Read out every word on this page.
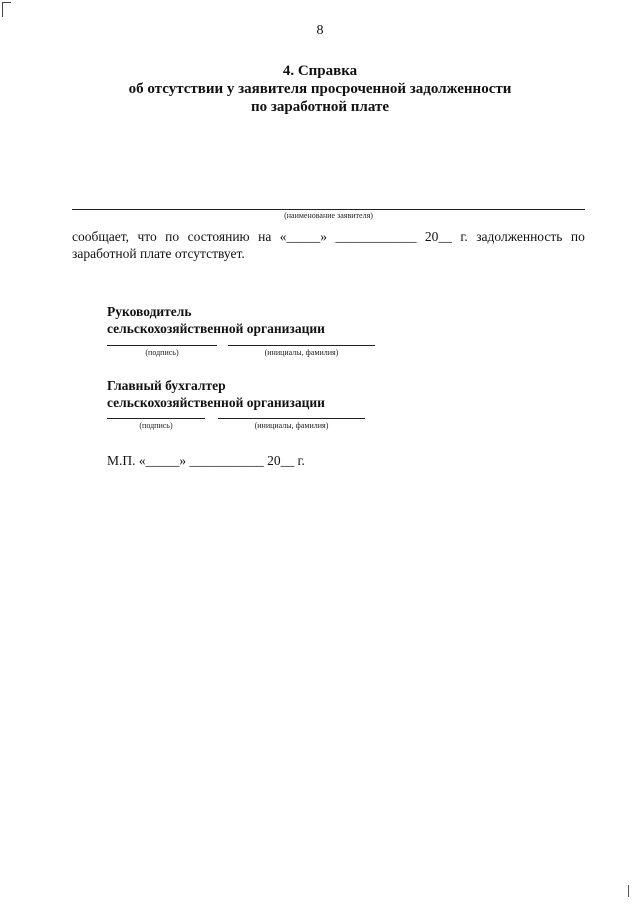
8
4. Справка
об отсутствии у заявителя просроченной задолженности
по заработной плате
(наименование заявителя)
сообщает, что по состоянию на «_____» ____________ 20__ г. задолженность по
заработной плате отсутствует.
Руководитель
сельскохозяйственной организации
(подпись)	(инициалы, фамилия)
Главный бухгалтер
сельскохозяйственной организации
(подпись)	(инициалы, фамилия)
М.П. «_____» ___________ 20__ г.
